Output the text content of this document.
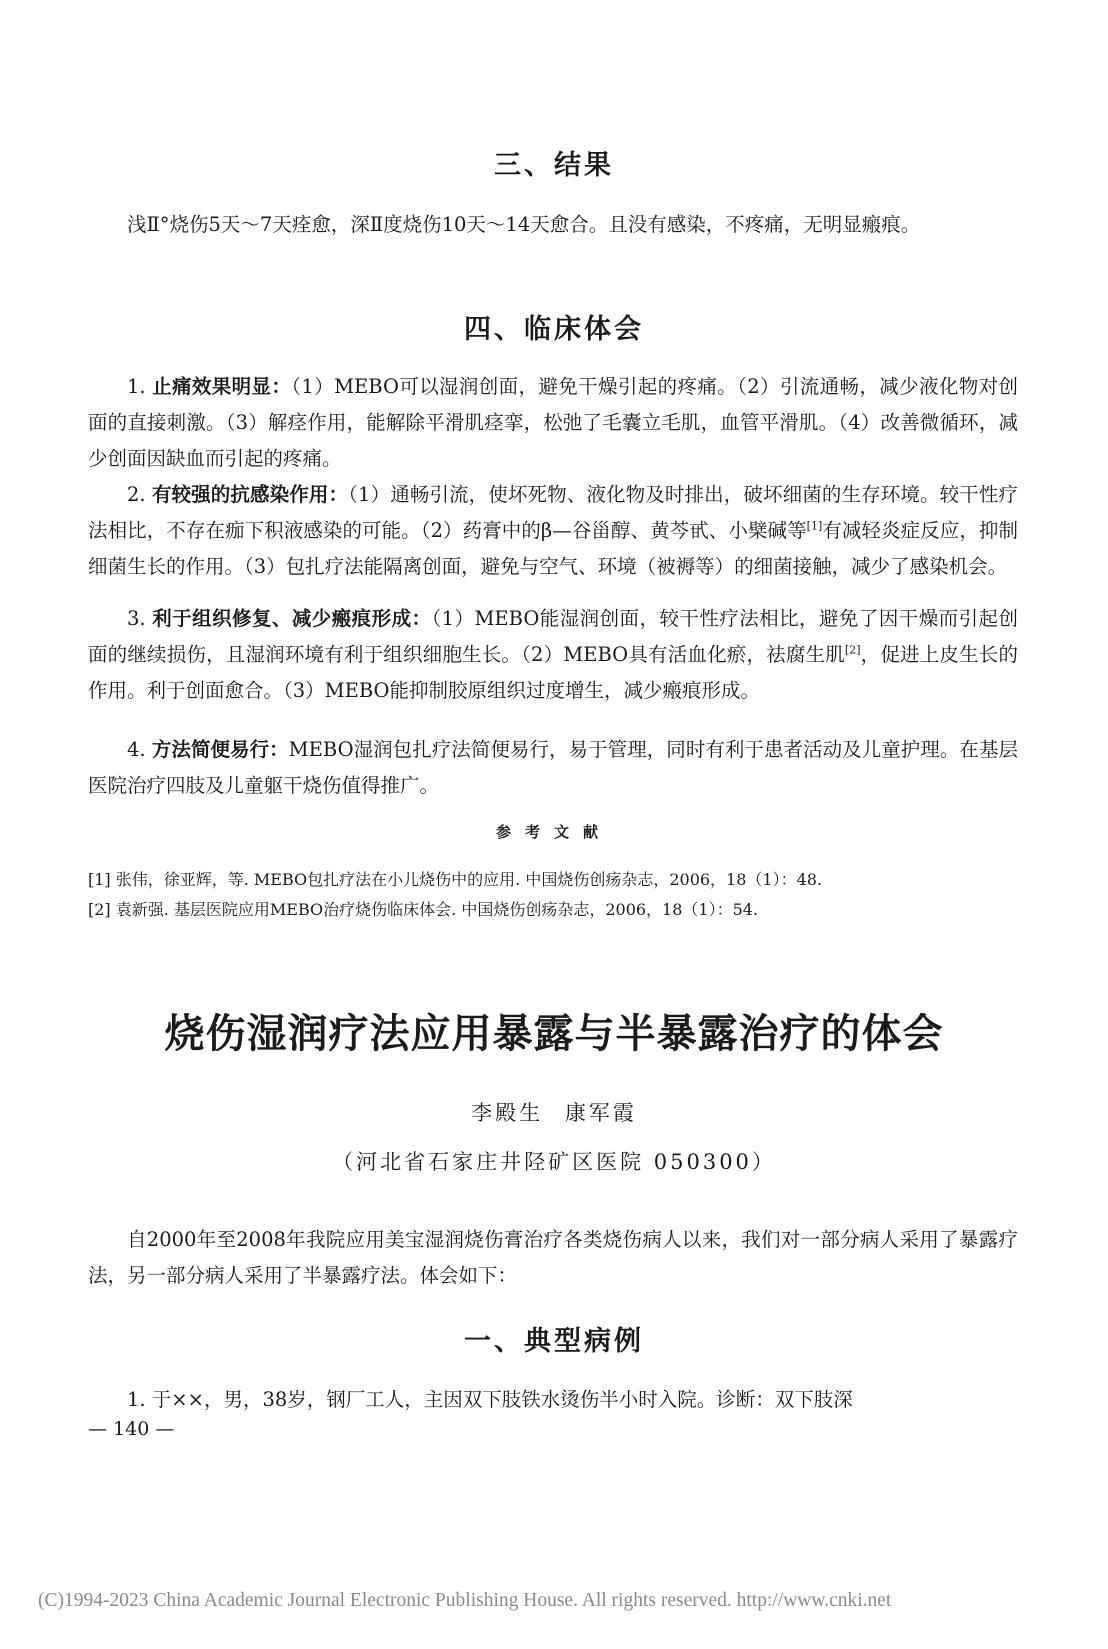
三、结果

浅Ⅱ°烧伤5天～7天痊愈，深Ⅱ度烧伤10天～14天愈合。且没有感染，不疼痛，无明显瘢痕。

四、临床体会

1. 止痛效果明显：（1）MEBO可以湿润创面，避免干燥引起的疼痛。（2）引流通畅，减少液化物对创面的直接刺激。（3）解痉作用，能解除平滑肌痉挛，松弛了毛囊立毛肌，血管平滑肌。（4）改善微循环，减少创面因缺血而引起的疼痛。

2. 有较强的抗感染作用：（1）通畅引流，使坏死物、液化物及时排出，破坏细菌的生存环境。较干性疗法相比，不存在痂下积液感染的可能。（2）药膏中的β—谷甾醇、黄芩甙、小檗碱等[1]有减轻炎症反应，抑制细菌生长的作用。（3）包扎疗法能隔离创面，避免与空气、环境（被褥等）的细菌接触，减少了感染机会。

3. 利于组织修复、减少瘢痕形成：（1）MEBO能湿润创面，较干性疗法相比，避免了因干燥而引起创面的继续损伤，且湿润环境有利于组织细胞生长。（2）MEBO具有活血化瘀，祛腐生肌[2]，促进上皮生长的作用。利于创面愈合。（3）MEBO能抑制胶原组织过度增生，减少瘢痕形成。

4. 方法简便易行：MEBO湿润包扎疗法简便易行，易于管理，同时有利于患者活动及儿童护理。在基层医院治疗四肢及儿童躯干烧伤值得推广。

参考文献
[1] 张伟，徐亚辉，等. MEBO包扎疗法在小儿烧伤中的应用. 中国烧伤创疡杂志，2006，18（1）：48.
[2] 袁新强. 基层医院应用MEBO治疗烧伤临床体会. 中国烧伤创疡杂志，2006，18（1）：54.
烧伤湿润疗法应用暴露与半暴露治疗的体会
李殿生 康军霞
（河北省石家庄井陉矿区医院 050300）

自2000年至2008年我院应用美宝湿润烧伤膏治疗各类烧伤病人以来，我们对一部分病人采用了暴露疗法，另一部分病人采用了半暴露疗法。体会如下：

一、典型病例

1. 于××，男，38岁，钢厂工人，主因双下肢铁水烫伤半小时入院。诊断：双下肢深

— 140 —
(C)1994-2023 China Academic Journal Electronic Publishing House. All rights reserved. http://www.cnki.net
